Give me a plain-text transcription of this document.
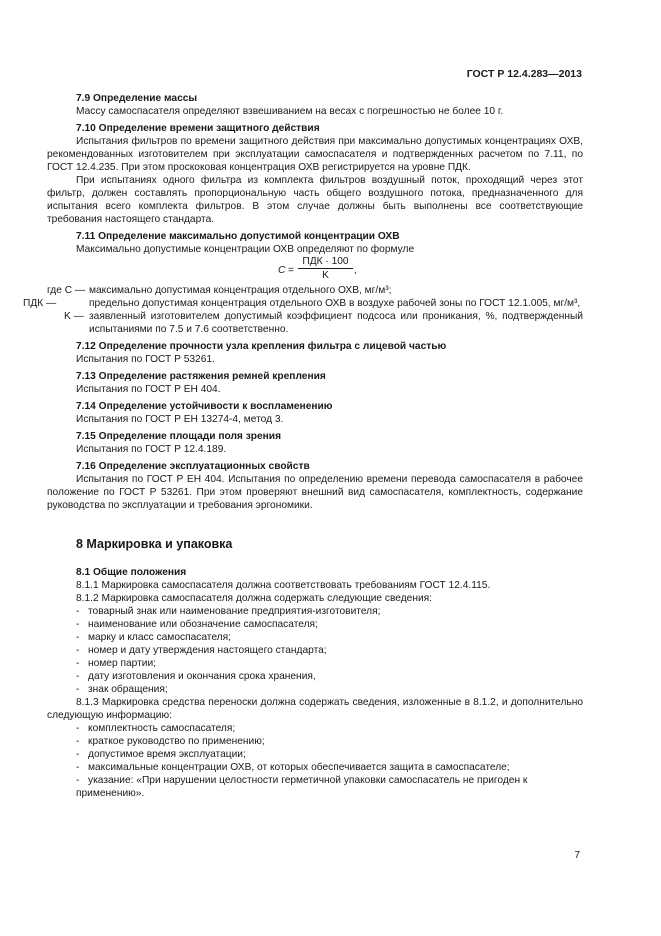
ГОСТ Р 12.4.283—2013

7.9 Определение массы

Массу самоспасателя определяют взвешиванием на весах с погрешностью не более 10 г.

7.10 Определение времени защитного действия

Испытания фильтров по времени защитного действия при максимально допустимых концентрациях ОХВ, рекомендованных изготовителем при эксплуатации самоспасателя и подтвержденных расчетом по 7.11, по ГОСТ 12.4.235. При этом проскоковая концентрация ОХВ регистрируется на уровне ПДК.

При испытаниях одного фильтра из комплекта фильтров воздушный поток, проходящий через этот фильтр, должен составлять пропорциональную часть общего воздушного потока, предназначенного для испытания всего комплекта фильтров. В этом случае должны быть выполнены все соответствующие требования настоящего стандарта.

7.11 Определение максимально допустимой концентрации ОХВ

Максимально допустимые концентрации ОХВ определяют по формуле

C =
ПДК · 100
K	,
где C — максимально допустимая концентрация отдельного ОХВ, мг/м³;
ПДК —	предельно допустимая концентрация отдельного ОХВ в воздухе рабочей зоны по ГОСТ 12.1.005, мг/м³,
K — заявленный изготовителем допустимый коэффициент подсоса или проникания, %, подтвержденный испытаниями по 7.5 и 7.6 соответственно.

7.12 Определение прочности узла крепления фильтра с лицевой частью

Испытания по ГОСТ Р 53261.

7.13 Определение растяжения ремней крепления

Испытания по ГОСТ Р ЕН 404.

7.14 Определение устойчивости к воспламенению

Испытания по ГОСТ Р ЕН 13274-4, метод 3.

7.15 Определение площади поля зрения

Испытания по ГОСТ Р 12.4.189.

7.16 Определение эксплуатационных свойств

Испытания по ГОСТ Р ЕН 404. Испытания по определению времени перевода самоспасателя в рабочее положение по ГОСТ Р 53261. При этом проверяют внешний вид самоспасателя, комплектность, содержание руководства по эксплуатации и требования эргономики.

8 Маркировка и упаковка

8.1 Общие положения

8.1.1 Маркировка самоспасателя должна соответствовать требованиям ГОСТ 12.4.115.

8.1.2 Маркировка самоспасателя должна содержать следующие сведения:

- товарный знак или наименование предприятия-изготовителя;

- наименование или обозначение самоспасателя;

- марку и класс самоспасателя;

- номер и дату утверждения настоящего стандарта;

- номер партии;

- дату изготовления и окончания срока хранения,

- знак обращения;

8.1.3 Маркировка средства переноски должна содержать сведения, изложенные в 8.1.2, и дополнительно следующую информацию:

- комплектность самоспасателя;

- краткое руководство по применению;

- допустимое время эксплуатации;

- максимальные концентрации ОХВ, от которых обеспечивается защита в самоспасателе;

- указание: «При нарушении целостности герметичной упаковки самоспасатель не пригоден к применению».

7
